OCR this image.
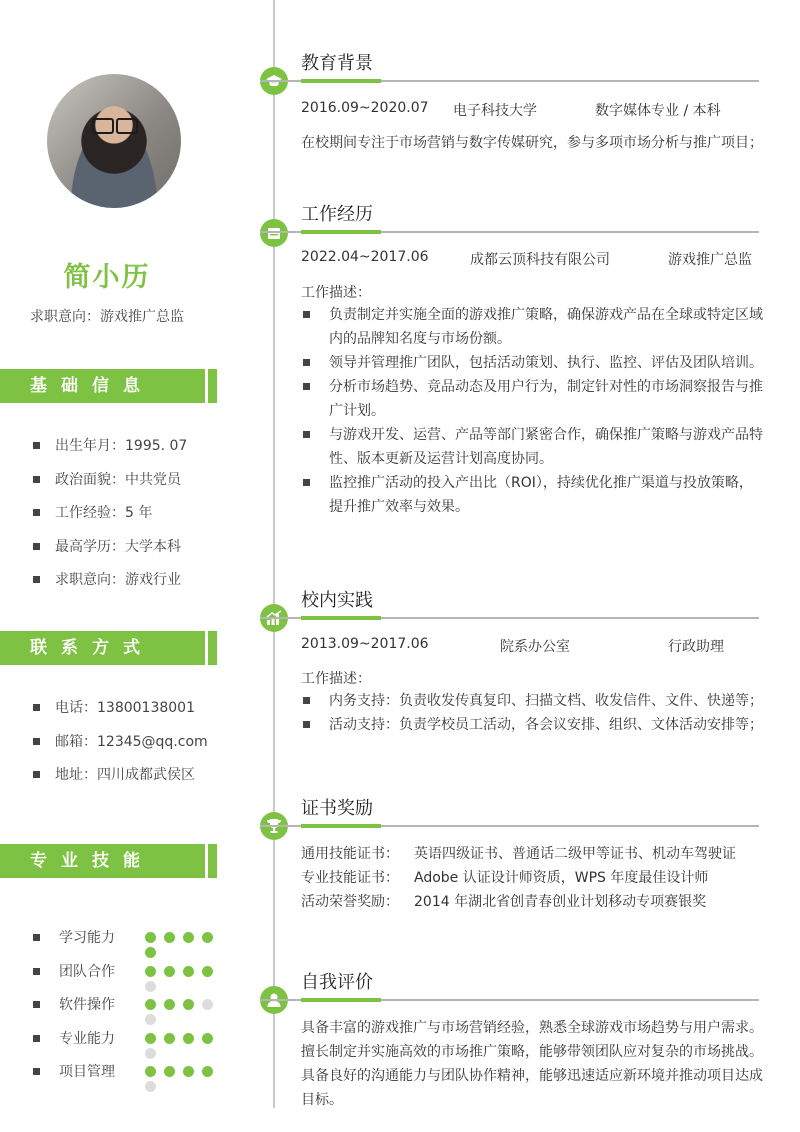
简小历
求职意向：游戏推广总监
基础信息
出生年月：1995. 07
政治面貌：中共党员
工作经验：5 年
最高学历：大学本科
求职意向：游戏行业
联系方式
电话：13800138001
邮箱：12345@qq.com
地址：四川成都武侯区
专业技能
学习能力
团队合作
软件操作
专业能力
项目管理
教育背景
2016.09~2020.07 电子科技大学	数字媒体专业 / 本科
在校期间专注于市场营销与数字传媒研究，参与多项市场分析与推广项目；
工作经历
2022.04~2017.06	成都云顶科技有限公司	游戏推广总监
工作描述：
负责制定并实施全面的游戏推广策略，确保游戏产品在全球或特定区域内的品牌知名度与市场份额。
领导并管理推广团队，包括活动策划、执行、监控、评估及团队培训。
分析市场趋势、竞品动态及用户行为，制定针对性的市场洞察报告与推广计划。
与游戏开发、运营、产品等部门紧密合作，确保推广策略与游戏产品特性、版本更新及运营计划高度协同。
监控推广活动的投入产出比（ROI），持续优化推广渠道与投放策略，提升推广效率与效果。
校内实践
2013.09~2017.06	院系办公室	行政助理
工作描述：
内务支持：负责收发传真复印、扫描文档、收发信件、文件、快递等；
活动支持：负责学校员工活动，各会议安排、组织、文体活动安排等；
证书奖励
通用技能证书： 英语四级证书、普通话二级甲等证书、机动车驾驶证
专业技能证书： Adobe 认证设计师资质，WPS 年度最佳设计师
活动荣誉奖励： 2014 年湖北省创青春创业计划移动专项赛银奖
自我评价
具备丰富的游戏推广与市场营销经验，熟悉全球游戏市场趋势与用户需求。擅长制定并实施高效的市场推广策略，能够带领团队应对复杂的市场挑战。具备良好的沟通能力与团队协作精神，能够迅速适应新环境并推动项目达成目标。
